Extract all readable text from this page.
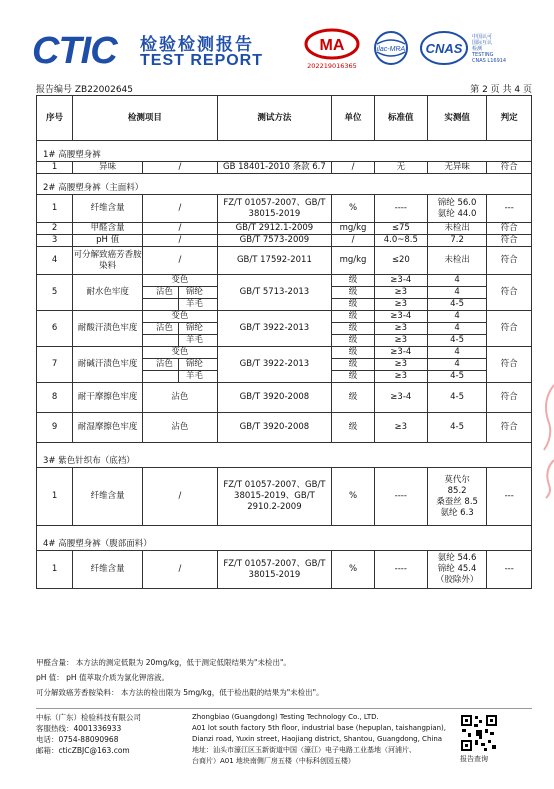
CTIC 检验检测报告
TEST REPORT
MA
202219016365
ilac-MRA CNAS
中国认可
国际互认
检测
TESTING
CNAS L16914
报告编号 ZB22002645	第 2 页 共 4 页
序号	检测项目		测试方法	单位	标准值	实测值	判定

1# 高腰塑身裤							
1	异味	/	GB 18401-2010 条款 6.7	/	无	无异味	符合

2# 高腰塑身裤（主面料）							
1	纤维含量	/	FZ/T 01057-2007、GB/T 38015-2019	%	----	锦纶 56.0
氨纶 44.0	---
2	甲醛含量	/	GB/T 2912.1-2009	mg/kg	≤75	未检出	符合
3	pH 值	/	GB/T 7573-2009	/	4.0~8.5	7.2	符合
4	可分解致癌芳香胺染料	/	GB/T 17592-2011	mg/kg	≤20	未检出	符合
5	耐水色牢度	变色	GB/T 5713-2013	级	≥3-4	4	符合
		沾色 锦纶		级	≥3	4	
		羊毛		级	≥3	4-5	
6	耐酸汗渍色牢度	变色	GB/T 3922-2013	级	≥3-4	4	符合
		沾色 锦纶		级	≥3	4	
		羊毛		级	≥3	4-5	
7	耐碱汗渍色牢度	变色	GB/T 3922-2013	级	≥3-4	4	符合
		沾色 锦纶		级	≥3	4	
		羊毛		级	≥3	4-5	
8	耐干摩擦色牢度	沾色	GB/T 3920-2008	级	≥3-4	4-5	符合
9	耐湿摩擦色牢度	沾色	GB/T 3920-2008	级	≥3	4-5	符合

3# 紫色针织布（底裆）							
1	纤维含量	/	FZ/T 01057-2007、GB/T 38015-2019、GB/T 2910.2-2009	%	----	莫代尔
85.2
桑蚕丝 8.5
氨纶 6.3	---

4# 高腰塑身裤（腹部面料）							
1	纤维含量	/	FZ/T 01057-2007、GB/T 38015-2019	%	----	氨纶 54.6
锦纶 45.4
（胶除外）	---
甲醛含量： 本方法的测定低限为 20mg/kg，低于测定低限结果为"未检出"。
pH 值： pH 值萃取介质为氯化钾溶液。
可分解致癌芳香胺染料： 本方法的检出限为 5mg/kg，低于检出限的结果为"未检出"。
中标（广东）检验科技有限公司
客服热线：4001336933
电话：0754-88090968
邮箱：cticZBJC@163.com
Zhongbiao (Guangdong) Testing Technology Co., LTD.
A01 lot south factory 5th floor, industrial base (hepuplan, taishangpian),
Dianzi road, Yuxin street, Haojiang district, Shantou, Guangdong, China
地址：汕头市濠江区玉新街道中国（濠江）电子电路工业基地（河浦片、
台商片）A01 地块南侧厂房五楼（中标科创园五楼）	报告查询
